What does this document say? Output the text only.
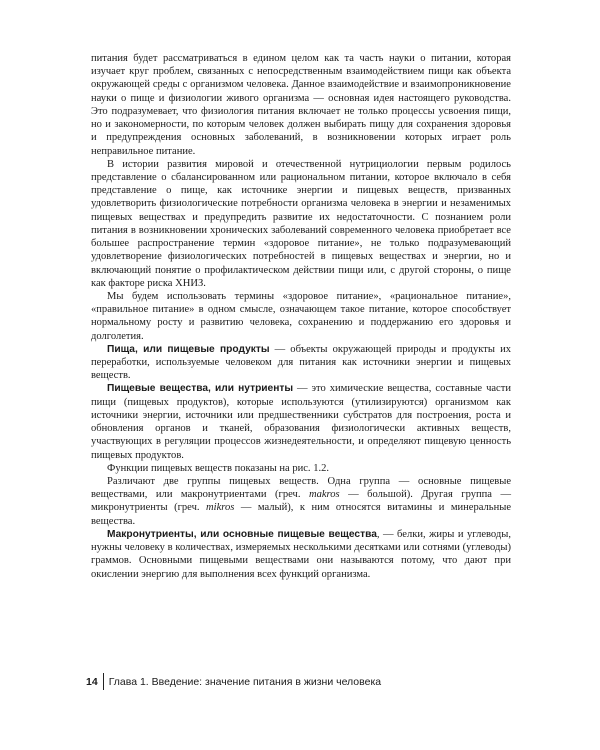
питания будет рассматриваться в едином целом как та часть науки о питании, которая изучает круг проблем, связанных с непосредственным взаимодействием пищи как объекта окружающей среды с организмом человека. Данное взаимодействие и взаимопроникновение науки о пище и физиологии живого организма — основная идея настоящего руководства. Это подразумевает, что физиология питания включает не только процессы усвоения пищи, но и закономерности, по которым человек должен выбирать пищу для сохранения здоровья и предупреждения основных заболеваний, в возникновении которых играет роль неправильное питание.

В истории развития мировой и отечественной нутрициологии первым родилось представление о сбалансированном или рациональном питании, которое включало в себя представление о пище, как источнике энергии и пищевых веществ, призванных удовлетворить физиологические потребности организма человека в энергии и незаменимых пищевых веществах и предупредить развитие их недостаточности. С познанием роли питания в возникновении хронических заболеваний современного человека приобретает все большее распространение термин «здоровое питание», не только подразумевающий удовлетворение физиологических потребностей в пищевых веществах и энергии, но и включающий понятие о профилактическом действии пищи или, с другой стороны, о пище как факторе риска ХНИЗ.

Мы будем использовать термины «здоровое питание», «рациональное питание», «правильное питание» в одном смысле, означающем такое питание, которое способствует нормальному росту и развитию человека, сохранению и поддержанию его здоровья и долголетия.

Пища, или пищевые продукты — объекты окружающей природы и продукты их переработки, используемые человеком для питания как источники энергии и пищевых веществ.

Пищевые вещества, или нутриенты — это химические вещества, составные части пищи (пищевых продуктов), которые используются (утилизируются) организмом как источники энергии, источники или предшественники субстратов для построения, роста и обновления органов и тканей, образования физиологически активных веществ, участвующих в регуляции процессов жизнедеятельности, и определяют пищевую ценность пищевых продуктов.

Функции пищевых веществ показаны на рис. 1.2.

Различают две группы пищевых веществ. Одна группа — основные пищевые веществами, или макронутриентами (греч. makros — большой). Другая группа — микронутриенты (греч. mikros — малый), к ним относятся витамины и минеральные вещества.

Макронутриенты, или основные пищевые вещества, — белки, жиры и углеводы, нужны человеку в количествах, измеряемых несколькими десятками или сотнями (углеводы) граммов. Основными пищевыми веществами они называются потому, что дают при окислении энергию для выполнения всех функций организма.

14	Глава 1. Введение: значение питания в жизни человека
